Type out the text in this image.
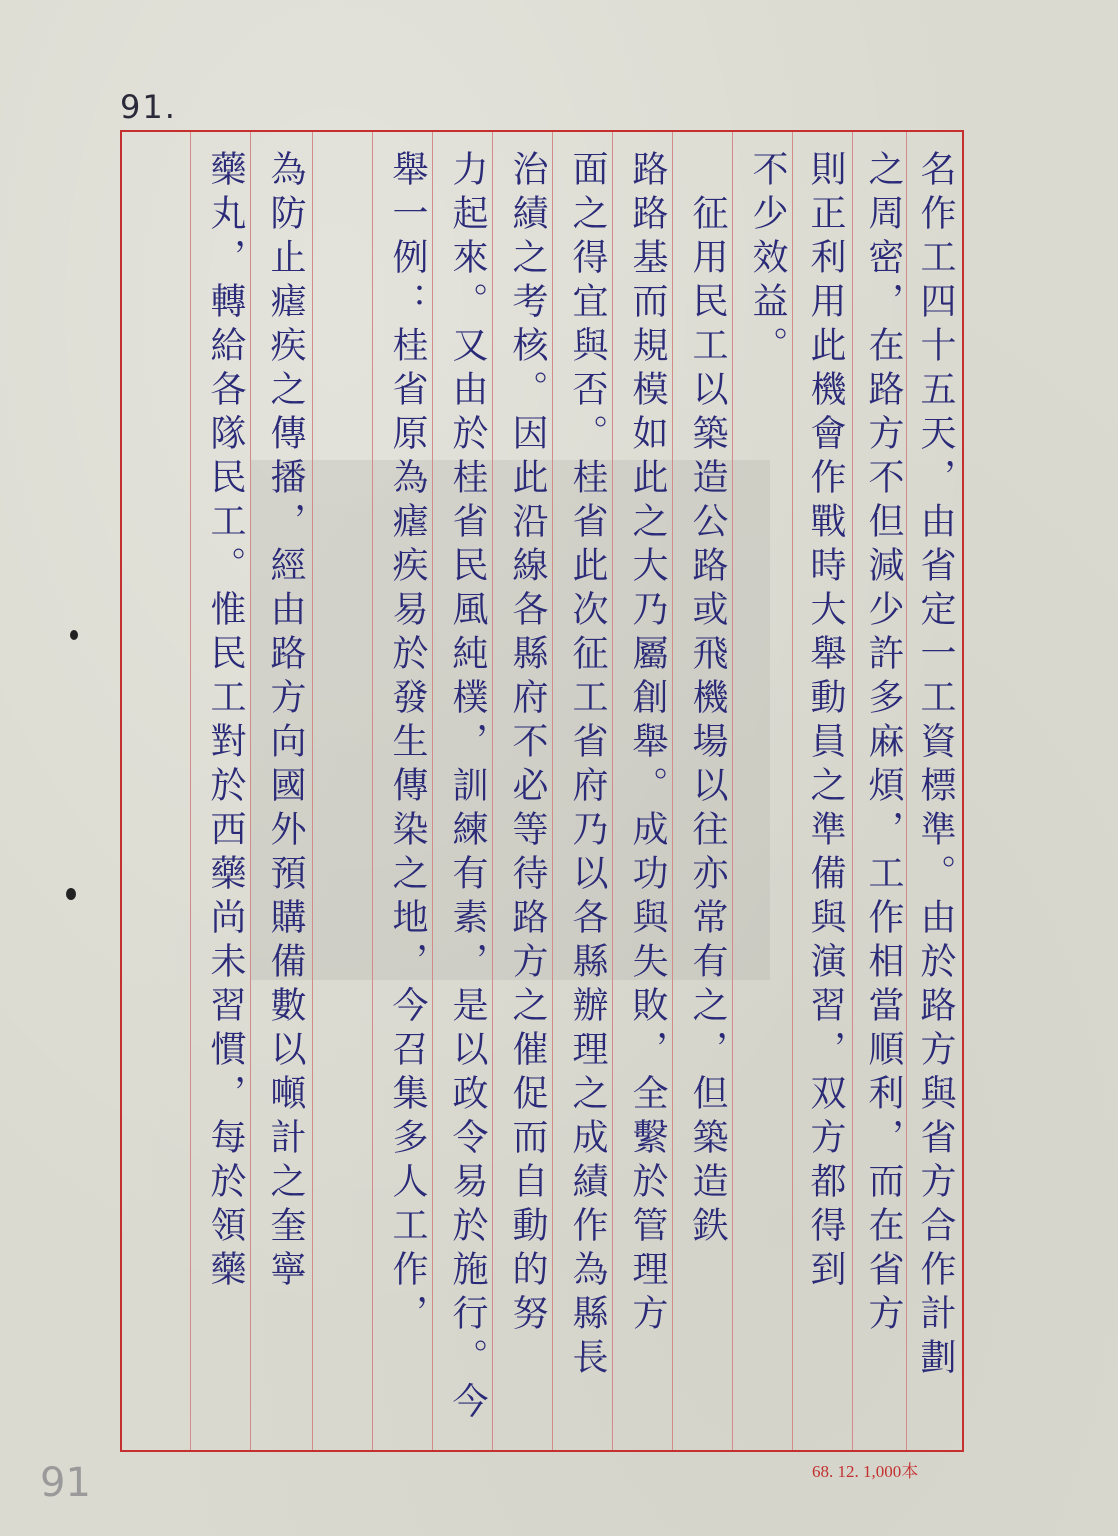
91.
名作工四十五天，由省定一工資標準。由於路方與省方合作計劃
之周密，在路方不但減少許多麻煩，工作相當順利，而在省方
則正利用此機會作戰時大舉動員之準備與演習，双方都得到
不少效益。
　征用民工以築造公路或飛機場以往亦常有之，但築造鉄
路路基而規模如此之大乃屬創舉。成功與失敗，全繫於管理方
面之得宜與否。桂省此次征工省府乃以各縣辦理之成績作為縣長
治績之考核。因此沿線各縣府不必等待路方之催促而自動的努
力起來。又由於桂省民風純樸，訓練有素，是以政令易於施行。今
舉一例：桂省原為瘧疾易於發生傳染之地，今召集多人工作，
為防止瘧疾之傳播，經由路方向國外預購備數以噸計之奎寧
藥丸，轉給各隊民工。惟民工對於西藥尚未習慣，每於領藥
68. 12. 1,000本
91
